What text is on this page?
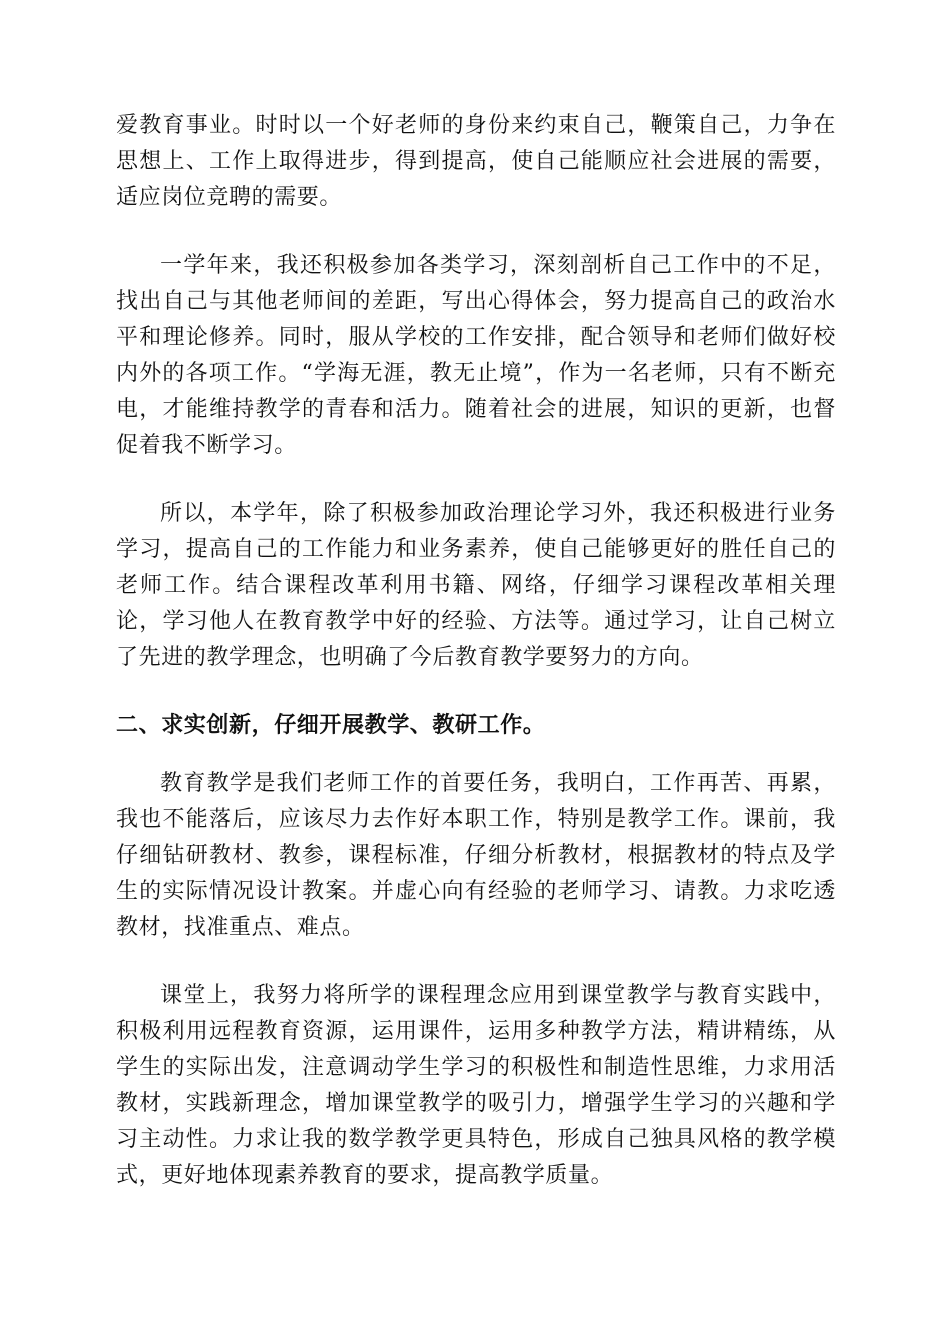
爱教育事业。时时以一个好老师的身份来约束自己，鞭策自己，力争在思想上、工作上取得进步，得到提高，使自己能顺应社会进展的需要，适应岗位竞聘的需要。

一学年来，我还积极参加各类学习，深刻剖析自己工作中的不足，找出自己与其他老师间的差距，写出心得体会，努力提高自己的政治水平和理论修养。同时，服从学校的工作安排，配合领导和老师们做好校内外的各项工作。“学海无涯，教无止境”，作为一名老师，只有不断充电，才能维持教学的青春和活力。随着社会的进展，知识的更新，也督促着我不断学习。

所以，本学年，除了积极参加政治理论学习外，我还积极进行业务学习，提高自己的工作能力和业务素养，使自己能够更好的胜任自己的老师工作。结合课程改革利用书籍、网络，仔细学习课程改革相关理论，学习他人在教育教学中好的经验、方法等。通过学习，让自己树立了先进的教学理念，也明确了今后教育教学要努力的方向。

二、求实创新，仔细开展教学、教研工作。

教育教学是我们老师工作的首要任务，我明白，工作再苦、再累，我也不能落后，应该尽力去作好本职工作，特别是教学工作。课前，我仔细钻研教材、教参，课程标准，仔细分析教材，根据教材的特点及学生的实际情况设计教案。并虚心向有经验的老师学习、请教。力求吃透教材，找准重点、难点。

课堂上，我努力将所学的课程理念应用到课堂教学与教育实践中，积极利用远程教育资源，运用课件，运用多种教学方法，精讲精练，从学生的实际出发，注意调动学生学习的积极性和制造性思维，力求用活教材，实践新理念，增加课堂教学的吸引力，增强学生学习的兴趣和学习主动性。力求让我的数学教学更具特色，形成自己独具风格的教学模式，更好地体现素养教育的要求，提高教学质量。
